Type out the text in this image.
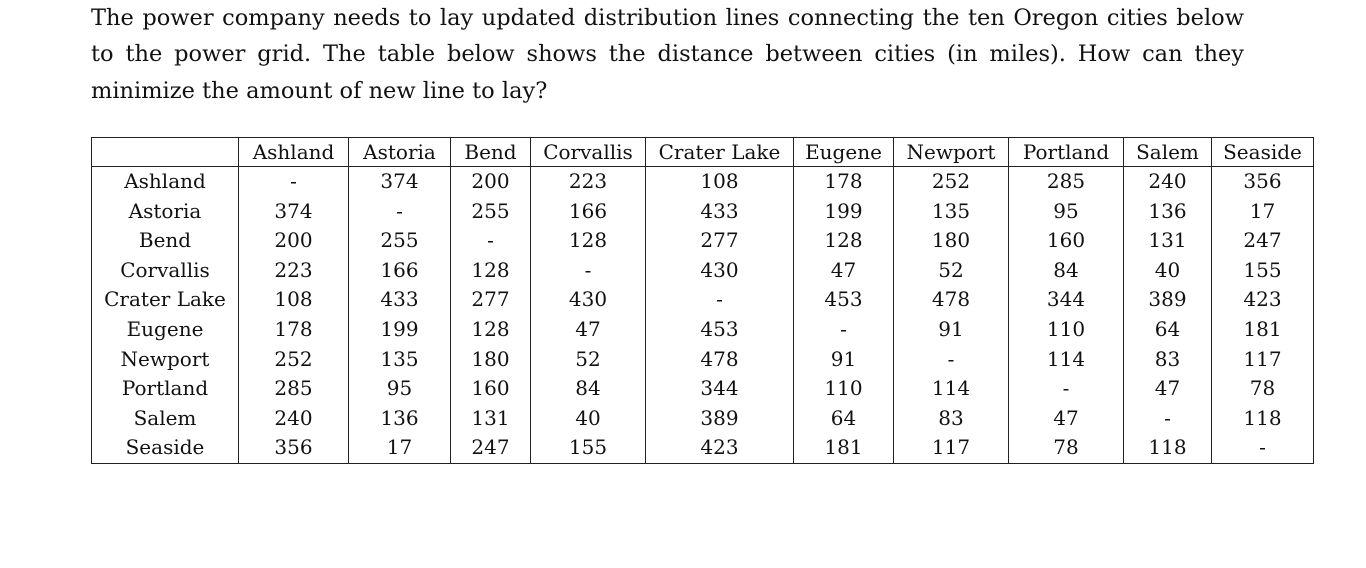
The power company needs to lay updated distribution lines connecting the ten Oregon cities below
to the power grid. The table below shows the distance between cities (in miles). How can they
minimize the amount of new line to lay?
	Ashland	Astoria	Bend	Corvallis	Crater Lake	Eugene	Newport	Portland	Salem	Seaside
Ashland	-	374	200	223	108	178	252	285	240	356
Astoria	374	-	255	166	433	199	135	95	136	17
Bend	200	255	-	128	277	128	180	160	131	247
Corvallis	223	166	128	-	430	47	52	84	40	155
Crater Lake	108	433	277	430	-	453	478	344	389	423
Eugene	178	199	128	47	453	-	91	110	64	181
Newport	252	135	180	52	478	91	-	114	83	117
Portland	285	95	160	84	344	110	114	-	47	78
Salem	240	136	131	40	389	64	83	47	-	118
Seaside	356	17	247	155	423	181	117	78	118	-
